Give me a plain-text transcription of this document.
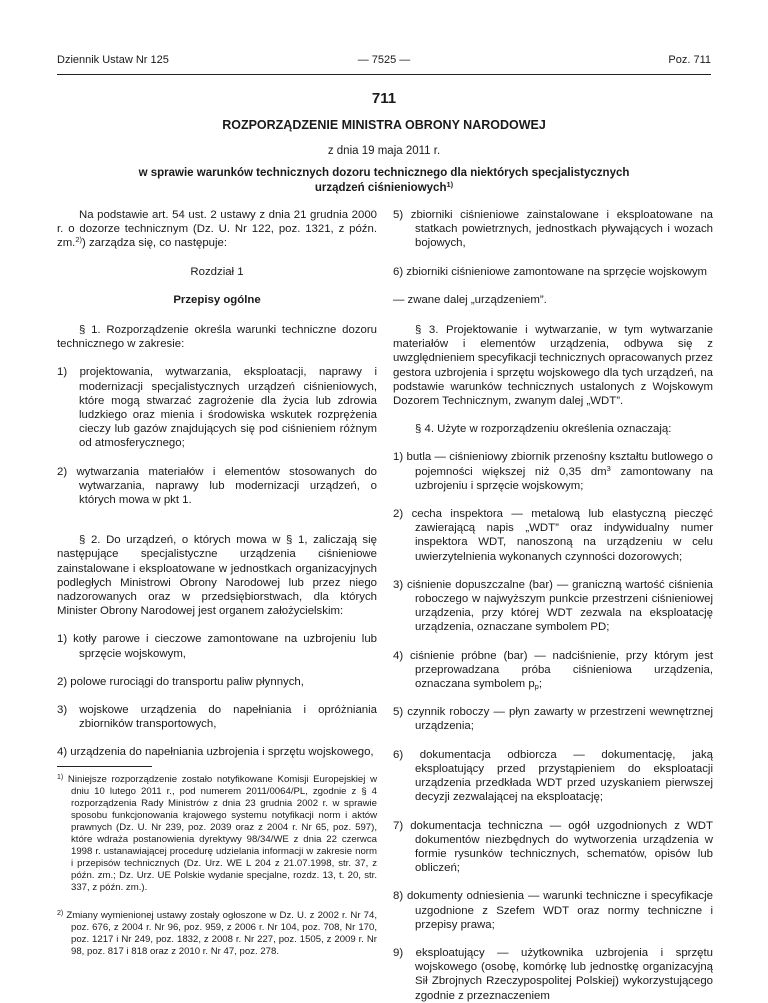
Dziennik Ustaw Nr 125	— 7525 —	Poz. 711
711
ROZPORZĄDZENIE MINISTRA OBRONY NARODOWEJ
z dnia 19 maja 2011 r.
w sprawie warunków technicznych dozoru technicznego dla niektórych specjalistycznych
urządzeń ciśnieniowych$^{1)}$

Na podstawie art. 54 ust. 2 ustawy z dnia 21 grudnia 2000 r. o dozorze technicznym (Dz. U. Nr 122, poz. 1321, z późn. zm.$^{2)}$) zarządza się, co następuje:

Rozdział 1

Przepisy ogólne

§ 1. Rozporządzenie określa warunki techniczne dozoru technicznego w zakresie:

1) projektowania, wytwarzania, eksploatacji, naprawy i modernizacji specjalistycznych urządzeń ciśnieniowych, które mogą stwarzać zagrożenie dla życia lub zdrowia ludzkiego oraz mienia i środowiska wskutek rozprężenia cieczy lub gazów znajdujących się pod ciśnieniem różnym od atmosferycznego;

2) wytwarzania materiałów i elementów stosowanych do wytwarzania, naprawy lub modernizacji urządzeń, o których mowa w pkt 1.

§ 2. Do urządzeń, o których mowa w § 1, zaliczają się następujące specjalistyczne urządzenia ciśnieniowe zainstalowane i eksploatowane w jednostkach organizacyjnych podległych Ministrowi Obrony Narodowej lub przez niego nadzorowanych oraz w przedsiębiorstwach, dla których Minister Obrony Narodowej jest organem założycielskim:

1) kotły parowe i cieczowe zamontowane na uzbrojeniu lub sprzęcie wojskowym,

2) polowe rurociągi do transportu paliw płynnych,

3) wojskowe urządzenia do napełniania i opróżniania zbiorników transportowych,

4) urządzenia do napełniania uzbrojenia i sprzętu wojskowego,

$^{1)}$ Niniejsze rozporządzenie zostało notyfikowane Komisji Europejskiej w dniu 10 lutego 2011 r., pod numerem 2011/0064/PL, zgodnie z § 4 rozporządzenia Rady Ministrów z dnia 23 grudnia 2002 r. w sprawie sposobu funkcjonowania krajowego systemu notyfikacji norm i aktów prawnych (Dz. U. Nr 239, poz. 2039 oraz z 2004 r. Nr 65, poz. 597), które wdraża postanowienia dyrektywy 98/34/WE z dnia 22 czerwca 1998 r. ustanawiającej procedurę udzielania informacji w zakresie norm i przepisów technicznych (Dz. Urz. WE L 204 z 21.07.1998, str. 37, z późn. zm.; Dz. Urz. UE Polskie wydanie specjalne, rozdz. 13, t. 20, str. 337, z późn. zm.).

$^{2)}$ Zmiany wymienionej ustawy zostały ogłoszone w Dz. U. z 2002 r. Nr 74, poz. 676, z 2004 r. Nr 96, poz. 959, z 2006 r. Nr 104, poz. 708, Nr 170, poz. 1217 i Nr 249, poz. 1832, z 2008 r. Nr 227, poz. 1505, z 2009 r. Nr 98, poz. 817 i 818 oraz z 2010 r. Nr 47, poz. 278.

5) zbiorniki ciśnieniowe zainstalowane i eksploatowane na statkach powietrznych, jednostkach pływających i wozach bojowych,

6) zbiorniki ciśnieniowe zamontowane na sprzęcie wojskowym

— zwane dalej „urządzeniem”.

§ 3. Projektowanie i wytwarzanie, w tym wytwarzanie materiałów i elementów urządzenia, odbywa się z uwzględnieniem specyfikacji technicznych opracowanych przez gestora uzbrojenia i sprzętu wojskowego dla tych urządzeń, na podstawie warunków technicznych ustalonych z Wojskowym Dozorem Technicznym, zwanym dalej „WDT”.

§ 4. Użyte w rozporządzeniu określenia oznaczają:

1) butla — ciśnieniowy zbiornik przenośny kształtu butlowego o pojemności większej niż 0,35 $dm^3$ zamontowany na uzbrojeniu i sprzęcie wojskowym;

2) cecha inspektora — metalową lub elastyczną pieczęć zawierającą napis „WDT” oraz indywidualny numer inspektora WDT, nanoszoną na urządzeniu w celu uwierzytelnienia wykonanych czynności dozorowych;

3) ciśnienie dopuszczalne (bar) — graniczną wartość ciśnienia roboczego w najwyższym punkcie przestrzeni ciśnieniowej urządzenia, przy której WDT zezwala na eksploatację urządzenia, oznaczane symbolem PD;

4) ciśnienie próbne (bar) — nadciśnienie, przy którym jest przeprowadzana próba ciśnieniowa urządzenia, oznaczana symbolem $p_p$;

5) czynnik roboczy — płyn zawarty w przestrzeni wewnętrznej urządzenia;

6) dokumentacja odbiorcza — dokumentację, jaką eksploatujący przed przystąpieniem do eksploatacji urządzenia przedkłada WDT przed uzyskaniem pierwszej decyzji zezwalającej na eksploatację;

7) dokumentacja techniczna — ogół uzgodnionych z WDT dokumentów niezbędnych do wytworzenia urządzenia w formie rysunków technicznych, schematów, opisów lub obliczeń;

8) dokumenty odniesienia — warunki techniczne i specyfikacje uzgodnione z Szefem WDT oraz normy techniczne i przepisy prawa;

9) eksploatujący — użytkownika uzbrojenia i sprzętu wojskowego (osobę, komórkę lub jednostkę organizacyjną Sił Zbrojnych Rzeczypospolitej Polskiej) wykorzystującego zgodnie z przeznaczeniem
